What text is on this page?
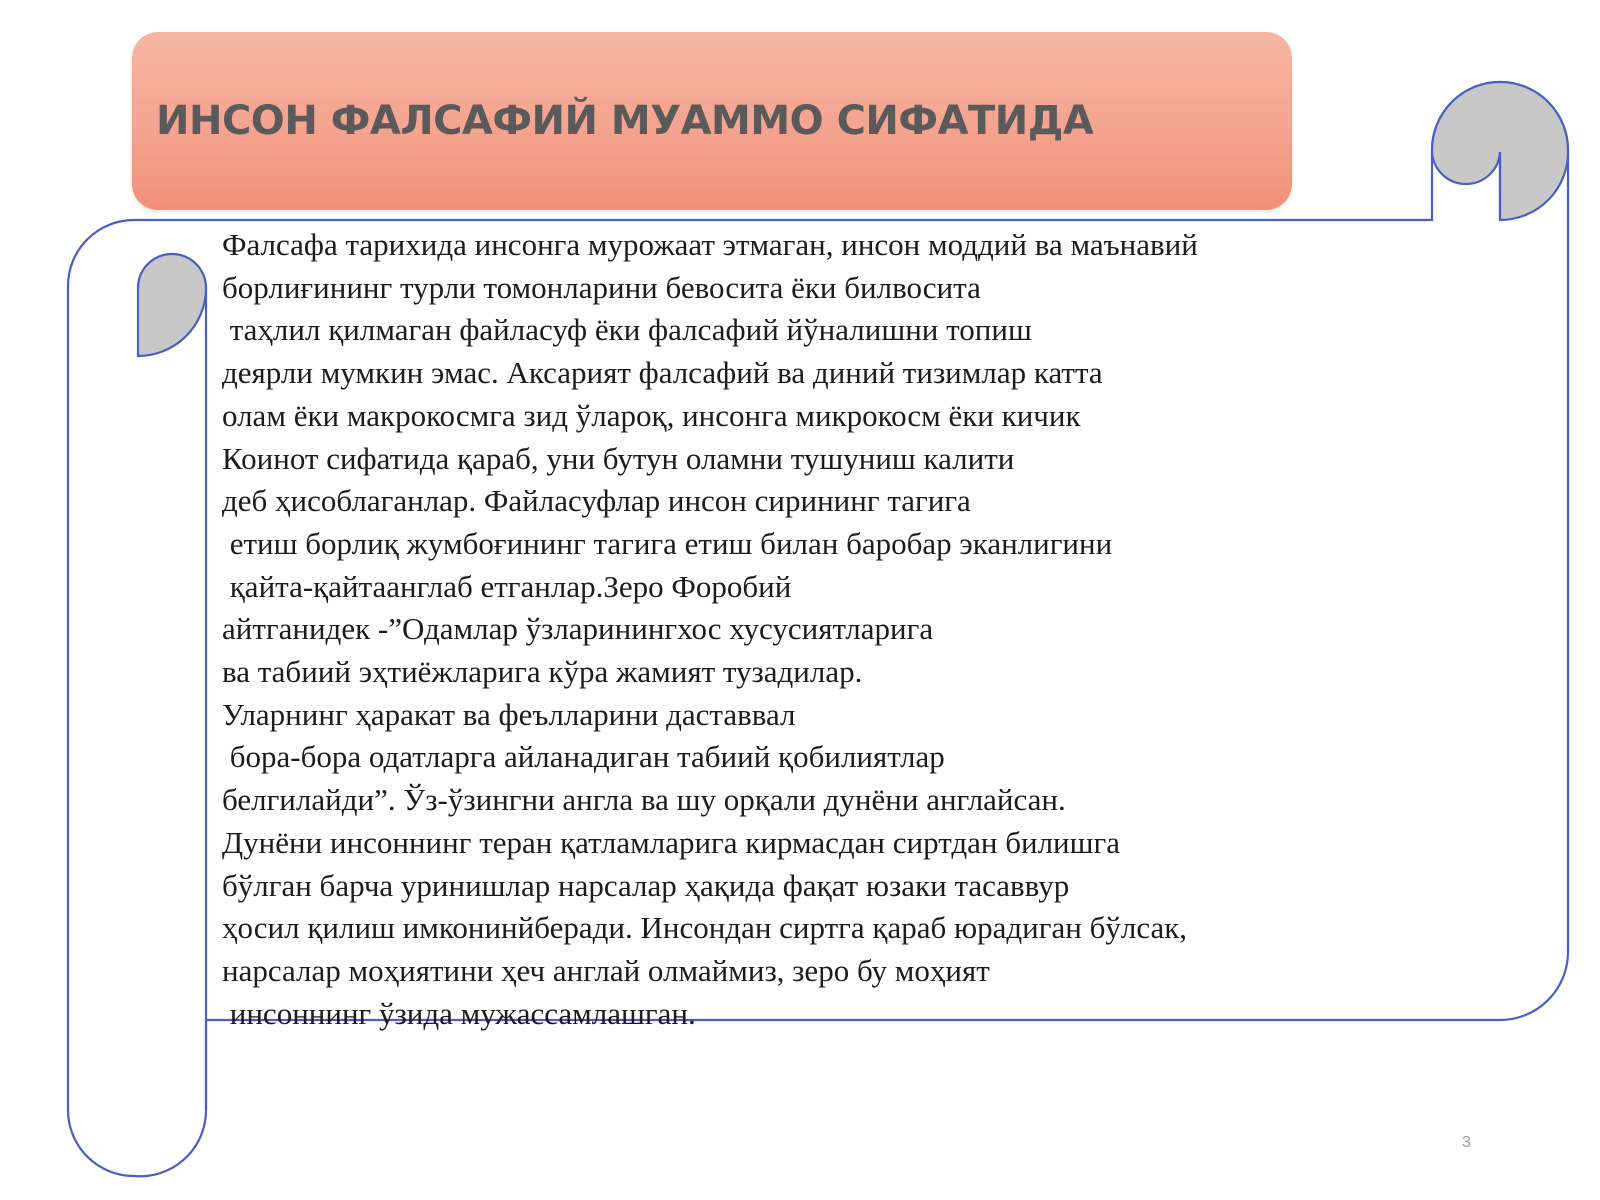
ИНСОН ФАЛСАФИЙ МУАММО СИФАТИДА
Фалсафа тарихида инсонга мурожаат этмаган, инсон моддий ва маънавий
борлиғининг турли томонларини бевосита ёки билвосита
таҳлил қилмаган файласуф ёки фалсафий йўналишни топиш
деярли мумкин эмас. Аксарият фалсафий ва диний тизимлар катта
олам ёки макрокосмга зид ўлароқ, инсонга микрокосм ёки кичик
Коинот сифатида қараб, уни бутун оламни тушуниш калити
деб ҳисоблаганлар. Файласуфлар инсон сирининг тагига
етиш борлиқ жумбоғининг тагига етиш билан баробар эканлигини
қайта-қайтаанглаб етганлар.Зеро Форобий
айтганидек -”Одамлар ўзларинингхос хусусиятларига
ва табиий эҳтиёжларига кўра жамият тузадилар.
Уларнинг ҳаракат ва феълларини даставвал
бора-бора одатларга айланадиган табиий қобилиятлар
белгилайди”. Ўз-ўзингни англа ва шу орқали дунёни англайсан.
Дунёни инсоннинг теран қатламларига кирмасдан сиртдан билишга
бўлган барча уринишлар нарсалар ҳақида фақат юзаки тасаввур
ҳосил қилиш имконинйберади. Инсондан сиртга қараб юрадиган бўлсак,
нарсалар моҳиятини ҳеч англай олмаймиз, зеро бу моҳият
инсоннинг ўзида мужассамлашган.
3
